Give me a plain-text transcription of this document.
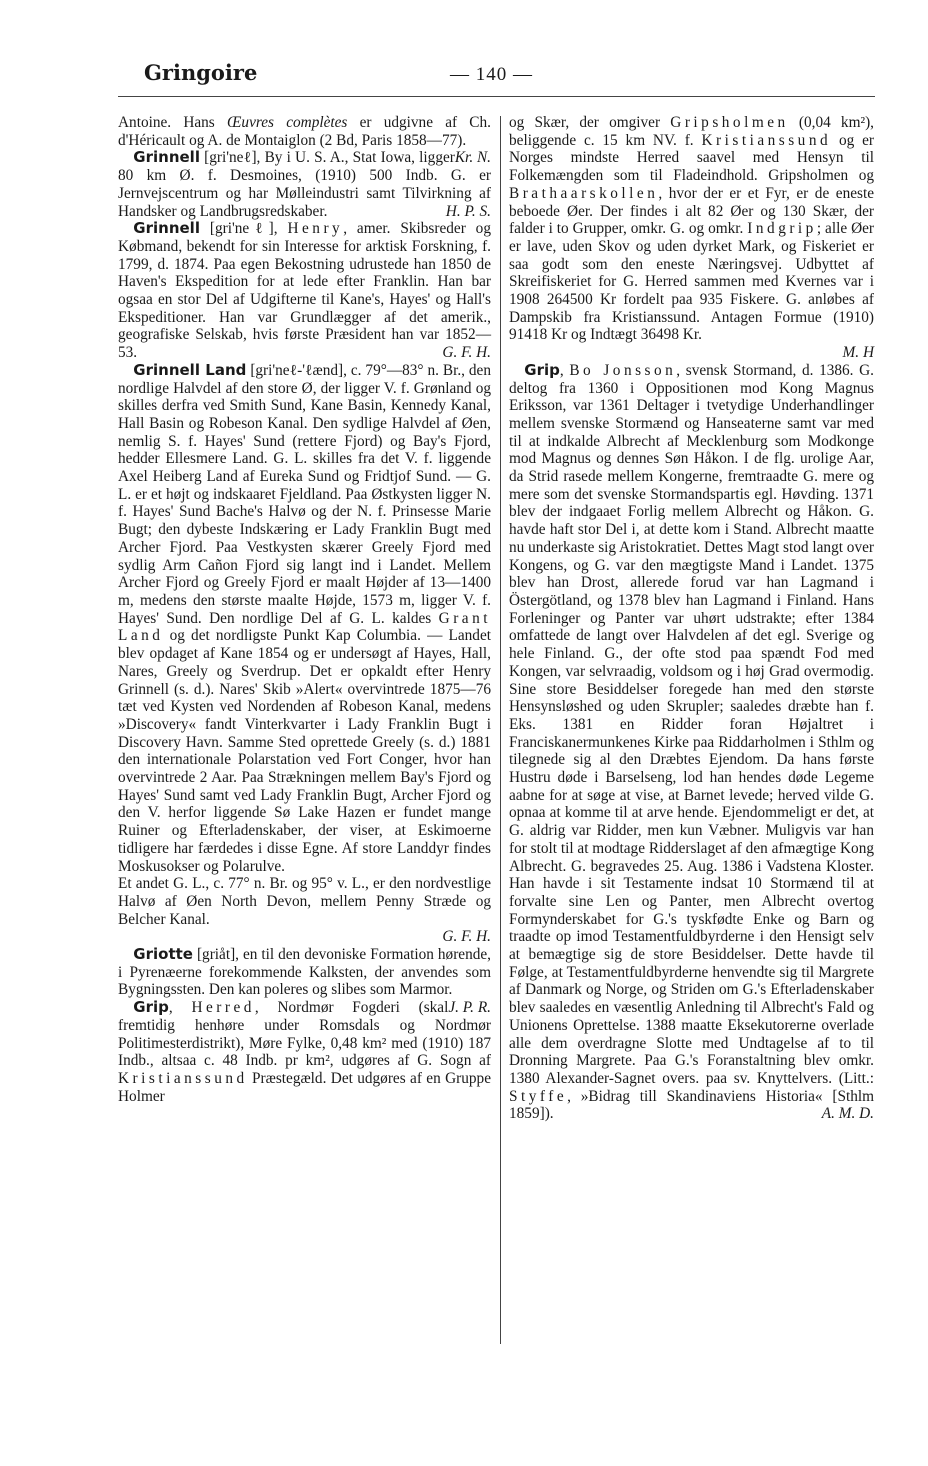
Gringoire	— 140 —

Antoine. Hans Œuvres complètes er udgivne af Ch. d'Héricault og A. de Montaiglon (2 Bd, Paris 1858—77).
Kr. N.

 Grinnell [gri'neℓ], By i U. S. A., Stat Iowa, ligger 80 km Ø. f. Desmoines, (1910) 500 Indb. G. er Jernvejscentrum og har Mølleindustri samt Tilvirkning af Handsker og Landbrugsredskaber.	H. P. S.

 Grinnell [gri'neℓ], Henry, amer. Skibsreder og Købmand, bekendt for sin Interesse for arktisk Forskning, f. 1799, d. 1874. Paa egen Bekostning udrustede han 1850 de Haven's Ekspedition for at lede efter Franklin. Han bar ogsaa en stor Del af Udgifterne til Kane's, Hayes' og Hall's Ekspeditioner. Han var Grundlægger af det amerik., geografiske Selskab, hvis første Præsident han var 1852—53.	G. F. H.

 Grinnell Land [gri'neℓ-'ℓænd], c. 79°—83° n. Br., den nordlige Halvdel af den store Ø, der ligger V. f. Grønland og skilles derfra ved Smith Sund, Kane Basin, Kennedy Kanal, Hall Basin og Robeson Kanal. Den sydlige Halvdel af Øen, nemlig S. f. Hayes' Sund (rettere Fjord) og Bay's Fjord, hedder Ellesmere Land. G. L. skilles fra det V. f. liggende Axel Heiberg Land af Eureka Sund og Fridtjof Sund. — G. L. er et højt og indskaaret Fjeldland. Paa Østkysten ligger N. f. Hayes' Sund Bache's Halvø og der N. f. Prinsesse Marie Bugt; den dybeste Indskæring er Lady Franklin Bugt med Archer Fjord. Paa Vestkysten skærer Greely Fjord med sydlig Arm Cañon Fjord sig langt ind i Landet. Mellem Archer Fjord og Greely Fjord er maalt Højder af 13—1400 m, medens den største maalte Højde, 1573 m, ligger V. f. Hayes' Sund. Den nordlige Del af G. L. kaldes Grant Land og det nordligste Punkt Kap Columbia. — Landet blev opdaget af Kane 1854 og er undersøgt af Hayes, Hall, Nares, Greely og Sverdrup. Det er opkaldt efter Henry Grinnell (s. d.). Nares' Skib »Alert« overvintrede 1875—76 tæt ved Kysten ved Nordenden af Robeson Kanal, medens »Discovery« fandt Vinterkvarter i Lady Franklin Bugt i Discovery Havn. Samme Sted oprettede Greely (s. d.) 1881 den internationale Polarstation ved Fort Conger, hvor han overvintrede 2 Aar. Paa Strækningen mellem Bay's Fjord og Hayes' Sund samt ved Lady Franklin Bugt, Archer Fjord og den V. herfor liggende Sø Lake Hazen er fundet mange Ruiner og Efterladenskaber, der viser, at Eskimoerne tidligere har færdedes i disse Egne. Af store Landdyr findes Moskusokser og Polarulve.

Et andet G. L., c. 77° n. Br. og 95° v. L., er den nordvestlige Halvø af Øen North Devon, mellem Penny Stræde og Belcher Kanal.
G. F. H.

 Griotte [griåt], en til den devoniske Formation hørende, i Pyrenæerne forekommende Kalksten, der anvendes som Bygningssten. Den kan poleres og slibes som Marmor.
J. P. R.

 Grip, Herred, Nordmør Fogderi (skal fremtidig henhøre under Romsdals og Nordmør Politimesterdistrikt), Møre Fylke, 0,48 km² med (1910) 187 Indb., altsaa c. 48 Indb. pr km², udgøres af G. Sogn af Kristianssund Præstegæld. Det udgøres af en Gruppe Holmer

og Skær, der omgiver Gripsholmen (0,04 km²), beliggende c. 15 km NV. f. Kristianssund og er Norges mindste Herred saavel med Hensyn til Folkemængden som til Fladeindhold. Gripsholmen og Brathaarskollen, hvor der er et Fyr, er de eneste beboede Øer. Der findes i alt 82 Øer og 130 Skær, der falder i to Grupper, omkr. G. og omkr. Indgrip; alle Øer er lave, uden Skov og uden dyrket Mark, og Fiskeriet er saa godt som den eneste Næringsvej. Udbyttet af Skreifiskeriet for G. Herred sammen med Kvernes var i 1908 264500 Kr fordelt paa 935 Fiskere. G. anløbes af Dampskib fra Kristianssund. Antagen Formue (1910) 91418 Kr og Indtægt 36498 Kr.
M. H

 Grip, Bo Jonsson, svensk Stormand, d. 1386. G. deltog fra 1360 i Oppositionen mod Kong Magnus Eriksson, var 1361 Deltager i tvetydige Underhandlinger mellem svenske Stormænd og Hanseaterne samt var med til at indkalde Albrecht af Mecklenburg som Modkonge mod Magnus og dennes Søn Håkon. I de flg. urolige Aar, da Strid rasede mellem Kongerne, fremtraadte G. mere og mere som det svenske Stormandspartis egl. Høvding. 1371 blev der indgaaet Forlig mellem Albrecht og Håkon. G. havde haft stor Del i, at dette kom i Stand. Albrecht maatte nu underkaste sig Aristokratiet. Dettes Magt stod langt over Kongens, og G. var den mægtigste Mand i Landet. 1375 blev han Drost, allerede forud var han Lagmand i Östergötland, og 1378 blev han Lagmand i Finland. Hans Forleninger og Panter var uhørt udstrakte; efter 1384 omfattede de langt over Halvdelen af det egl. Sverige og hele Finland. G., der ofte stod paa spændt Fod med Kongen, var selvraadig, voldsom og i høj Grad overmodig. Sine store Besiddelser foregede han med den største Hensynsløshed og uden Skrupler; saaledes dræbte han f. Eks. 1381 en Ridder foran Højaltret i Franciskanermunkenes Kirke paa Riddarholmen i Sthlm og tilegnede sig al den Dræbtes Ejendom. Da hans første Hustru døde i Barselseng, lod han hendes døde Legeme aabne for at søge at vise, at Barnet levede; herved vilde G. opnaa at komme til at arve hende. Ejendommeligt er det, at G. aldrig var Ridder, men kun Væbner. Muligvis var han for stolt til at modtage Ridderslaget af den afmægtige Kong Albrecht. G. begravedes 25. Aug. 1386 i Vadstena Kloster. Han havde i sit Testamente indsat 10 Stormænd til at forvalte sine Len og Panter, men Albrecht overtog Formynderskabet for G.'s tyskfødte Enke og Barn og traadte op imod Testamentfuldbyrderne i den Hensigt selv at bemægtige sig de store Besiddelser. Dette havde til Følge, at Testamentfuldbyrderne henvendte sig til Margrete af Danmark og Norge, og Striden om G.'s Efterladenskaber blev saaledes en væsentlig Anledning til Albrecht's Fald og Unionens Oprettelse. 1388 maatte Eksekutorerne overlade alle dem overdragne Slotte med Undtagelse af to til Dronning Margrete. Paa G.'s Foranstaltning blev omkr. 1380 Alexander-Sagnet overs. paa sv. Knyttelvers. (Litt.: Styffe, »Bidrag till Skandinaviens Historia« [Sthlm 1859]).	A. M. D.
